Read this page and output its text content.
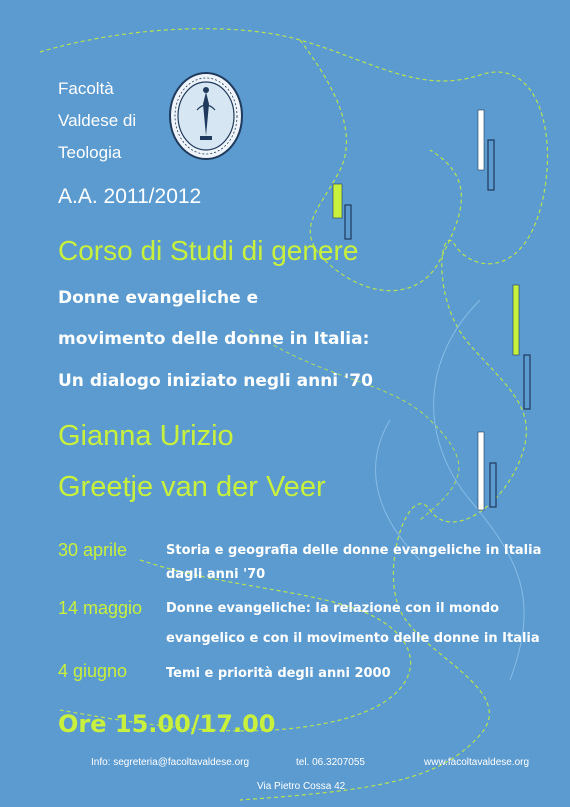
Facoltà
Valdese di
Teologia
A.A. 2011/2012
Corso di Studi di genere
Donne evangeliche e
movimento delle donne in Italia:
Un dialogo iniziato negli anni '70
Gianna Urizio
Greetje van der Veer
30 aprile	Storia e geografia delle donne evangeliche in Italia
dagli anni '70
14 maggio Donne evangeliche: la relazione con il mondo
evangelico e con il movimento delle donne in Italia
4 giugno	Temi e priorità degli anni 2000
Ore 15.00/17.00
Info: segreteria@facoltavaldese.org	tel. 06.3207055	www.facoltavaldese.org
Via Pietro Cossa 42
